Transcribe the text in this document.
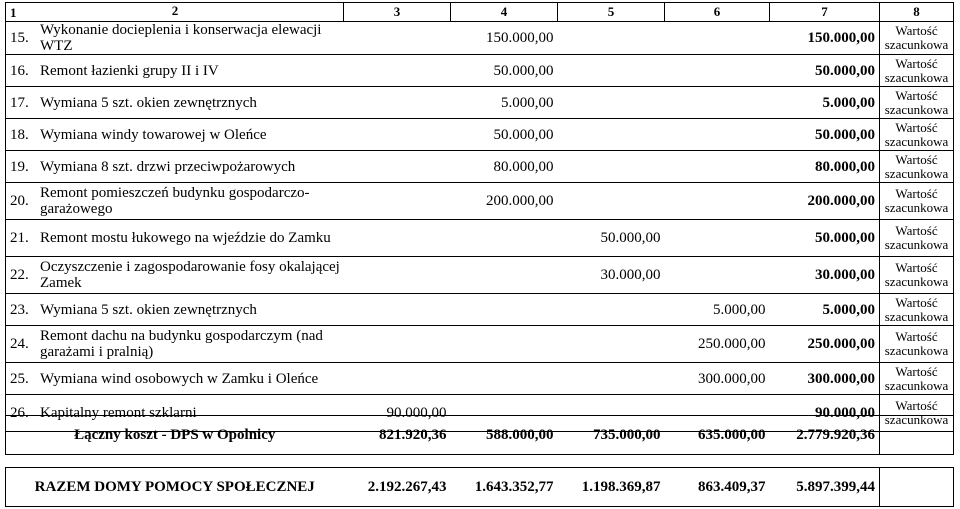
1 2	3	4	5	6	7	8
15. Wykonanie docieplenia i konserwacja elewacji WTZ		150.000,00			150.000,00	Wartość szacunkowa
16. Remont łazienki grupy II i IV		50.000,00			50.000,00	Wartość szacunkowa
17. Wymiana 5 szt. okien zewnętrznych		5.000,00			5.000,00	Wartość szacunkowa
18. Wymiana windy towarowej w Oleńce		50.000,00			50.000,00	Wartość szacunkowa
19. Wymiana 8 szt. drzwi przeciwpożarowych		80.000,00			80.000,00	Wartość szacunkowa
20. Remont pomieszczeń budynku gospodarczo-garażowego		200.000,00			200.000,00	Wartość szacunkowa
21. Remont mostu łukowego na wjeździe do Zamku			50.000,00		50.000,00	Wartość szacunkowa
22. Oczyszczenie i zagospodarowanie fosy okalającej Zamek			30.000,00		30.000,00	Wartość szacunkowa
23. Wymiana 5 szt. okien zewnętrznych				5.000,00	5.000,00	Wartość szacunkowa
24. Remont dachu na budynku gospodarczym (nad garażami i pralnią)				250.000,00	250.000,00	Wartość szacunkowa
25. Wymiana wind osobowych w Zamku i Oleńce				300.000,00	300.000,00	Wartość szacunkowa
26. Kapitalny remont szklarni	90.000,00				90.000,00	Wartość szacunkowa
Łączny koszt - DPS w Opolnicy	821.920,36	588.000,00	735.000,00	635.000,00	2.779.920,36	

RAZEM DOMY POMOCY SPOŁECZNEJ	2.192.267,43	1.643.352,77	1.198.369,87	863.409,37	5.897.399,44	
